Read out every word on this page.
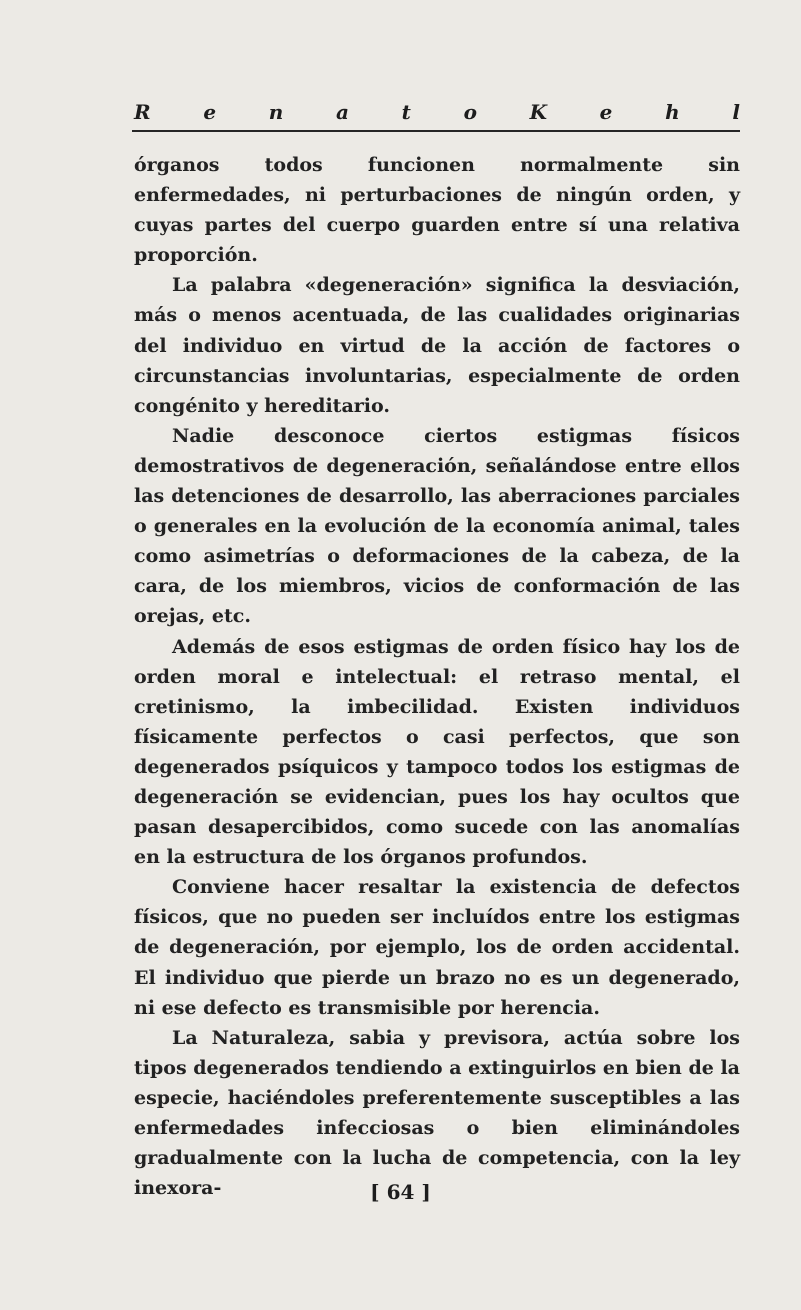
R	e	n	a	t	o	K	e	h	l

órganos todos funcionen normalmente sin enfermedades, ni perturbaciones de ningún orden, y cuyas partes del cuerpo guarden entre sí una relativa proporción.

La palabra «degeneración» significa la desviación, más o menos acentuada, de las cualidades originarias del individuo en virtud de la acción de factores o circunstancias involuntarias, especialmente de orden congénito y hereditario.

Nadie desconoce ciertos estigmas físicos demostrativos de degeneración, señalándose entre ellos las detenciones de desarrollo, las aberraciones parciales o generales en la evolución de la economía animal, tales como asimetrías o deformaciones de la cabeza, de la cara, de los miembros, vicios de conformación de las orejas, etc.

Además de esos estigmas de orden físico hay los de orden moral e intelectual: el retraso mental, el cretinismo, la imbecilidad. Existen individuos físicamente perfectos o casi perfectos, que son degenerados psíquicos y tampoco todos los estigmas de degeneración se evidencian, pues los hay ocultos que pasan desapercibidos, como sucede con las anomalías en la estructura de los órganos profundos.

Conviene hacer resaltar la existencia de defectos físicos, que no pueden ser incluídos entre los estigmas de degeneración, por ejemplo, los de orden accidental. El individuo que pierde un brazo no es un degenerado, ni ese defecto es transmisible por herencia.

La Naturaleza, sabia y previsora, actúa sobre los tipos degenerados tendiendo a extinguirlos en bien de la especie, haciéndoles preferentemente susceptibles a las enfermedades infecciosas o bien eliminándoles gradualmente con la lucha de competencia, con la ley inexora-	[ 64 ]
